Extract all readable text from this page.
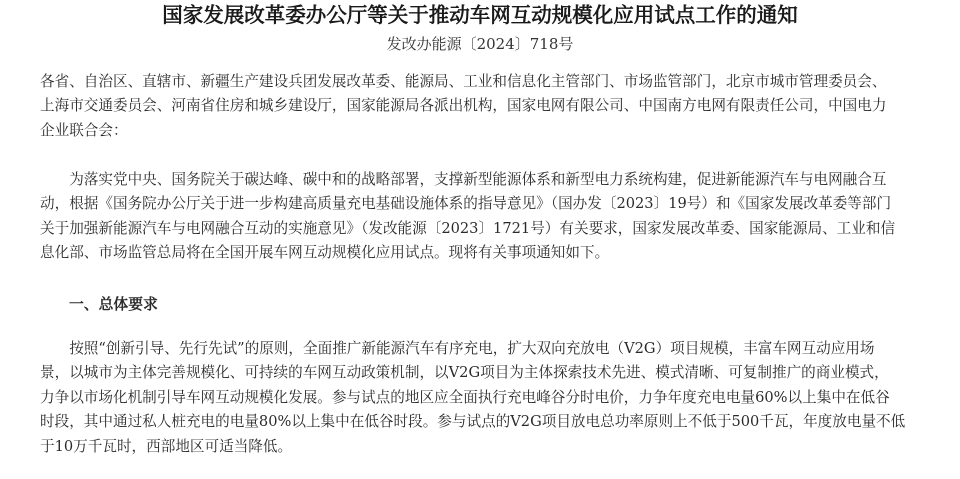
国家发展改革委办公厅等关于推动车网互动规模化应用试点工作的通知
发改办能源〔2024〕718号
各省、自治区、直辖市、新疆生产建设兵团发展改革委、能源局、工业和信息化主管部门、市场监管部门，北京市城市管理委员会、
上海市交通委员会、河南省住房和城乡建设厅，国家能源局各派出机构，国家电网有限公司、中国南方电网有限责任公司，中国电力
企业联合会：
　　为落实党中央、国务院关于碳达峰、碳中和的战略部署，支撑新型能源体系和新型电力系统构建，促进新能源汽车与电网融合互
动，根据《国务院办公厅关于进一步构建高质量充电基础设施体系的指导意见》（国办发〔2023〕19号）和《国家发展改革委等部门
关于加强新能源汽车与电网融合互动的实施意见》（发改能源〔2023〕1721号）有关要求，国家发展改革委、国家能源局、工业和信
息化部、市场监管总局将在全国开展车网互动规模化应用试点。现将有关事项通知如下。
一、总体要求
　　按照“创新引导、先行先试”的原则，全面推广新能源汽车有序充电，扩大双向充放电（V2G）项目规模，丰富车网互动应用场
景，以城市为主体完善规模化、可持续的车网互动政策机制，以V2G项目为主体探索技术先进、模式清晰、可复制推广的商业模式，
力争以市场化机制引导车网互动规模化发展。参与试点的地区应全面执行充电峰谷分时电价，力争年度充电电量60%以上集中在低谷
时段，其中通过私人桩充电的电量80%以上集中在低谷时段。参与试点的V2G项目放电总功率原则上不低于500千瓦，年度放电量不低
于10万千瓦时，西部地区可适当降低。
